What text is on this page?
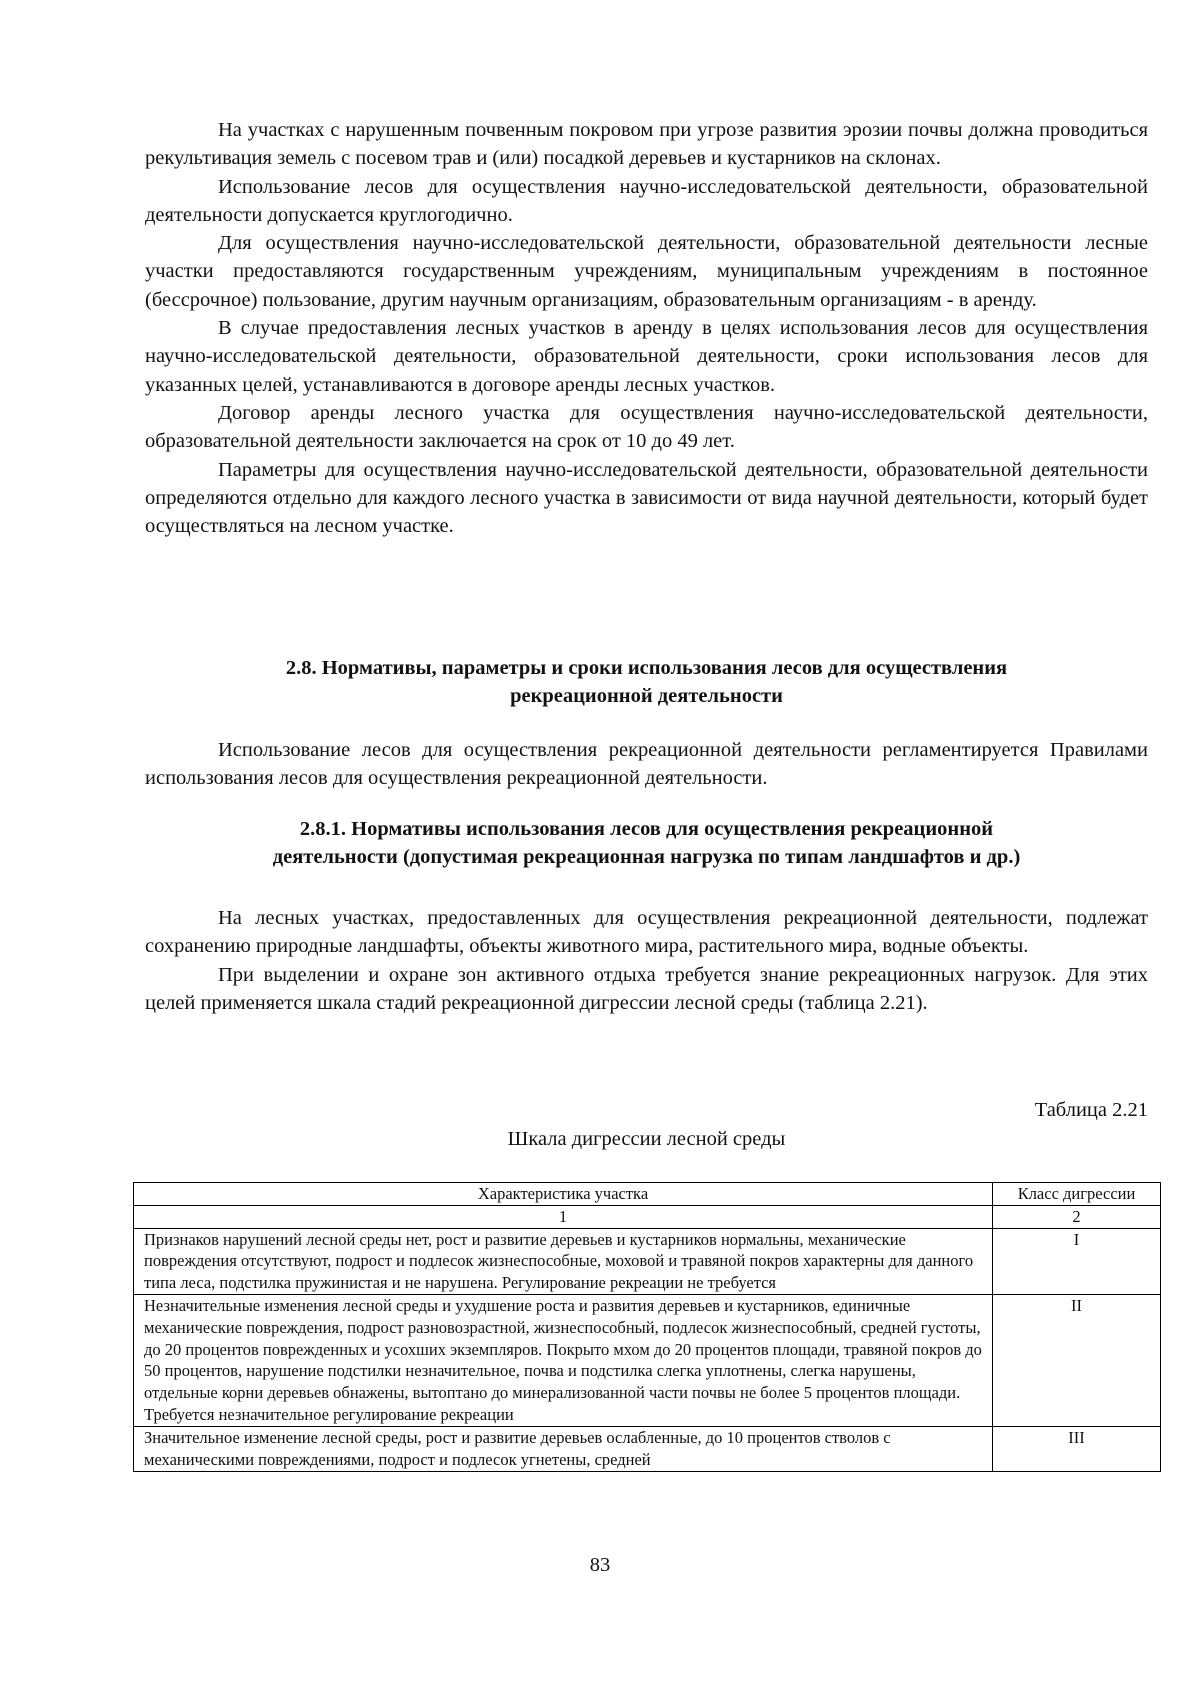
На участках с нарушенным почвенным покровом при угрозе развития эрозии почвы должна проводиться рекультивация земель с посевом трав и (или) посадкой деревьев и кустарников на склонах.

Использование лесов для осуществления научно-исследовательской деятельности, образовательной деятельности допускается круглогодично.

Для осуществления научно-исследовательской деятельности, образовательной деятельности лесные участки предоставляются государственным учреждениям, муниципальным учреждениям в постоянное (бессрочное) пользование, другим научным организациям, образовательным организациям - в аренду.

В случае предоставления лесных участков в аренду в целях использования лесов для осуществления научно-исследовательской деятельности, образовательной деятельности, сроки использования лесов для указанных целей, устанавливаются в договоре аренды лесных участков.

Договор аренды лесного участка для осуществления научно-исследовательской деятельности, образовательной деятельности заключается на срок от 10 до 49 лет.

Параметры для осуществления научно-исследовательской деятельности, образовательной деятельности определяются отдельно для каждого лесного участка в зависимости от вида научной деятельности, который будет осуществляться на лесном участке.

2.8. Нормативы, параметры и сроки использования лесов для осуществления
рекреационной деятельности

Использование лесов для осуществления рекреационной деятельности регламентируется Правилами использования лесов для осуществления рекреационной деятельности.

2.8.1. Нормативы использования лесов для осуществления рекреационной
деятельности (допустимая рекреационная нагрузка по типам ландшафтов и др.)

На лесных участках, предоставленных для осуществления рекреационной деятельности, подлежат сохранению природные ландшафты, объекты животного мира, растительного мира, водные объекты.

При выделении и охране зон активного отдыха требуется знание рекреационных нагрузок. Для этих целей применяется шкала стадий рекреационной дигрессии лесной среды (таблица 2.21).

Таблица 2.21
Шкала дигрессии лесной среды
Характеристика участка	Класс дигрессии
1	2
Признаков нарушений лесной среды нет, рост и развитие деревьев и кустарников нормальны, механические повреждения отсутствуют, подрост и подлесок жизнеспособные, моховой и травяной покров характерны для данного типа леса, подстилка пружинистая и не нарушена. Регулирование рекреации не требуется	I
Незначительные изменения лесной среды и ухудшение роста и развития деревьев и кустарников, единичные механические повреждения, подрост разновозрастной, жизнеспособный, подлесок жизнеспособный, средней густоты, до 20 процентов поврежденных и усохших экземпляров. Покрыто мхом до 20 процентов площади, травяной покров до 50 процентов, нарушение подстилки незначительное, почва и подстилка слегка уплотнены, слегка нарушены, отдельные корни деревьев обнажены, вытоптано до минерализованной части почвы не более 5 процентов площади. Требуется незначительное регулирование рекреации	II

Значительное изменение лесной среды, рост и развитие деревьев ослабленные, до 10 процентов стволов с механическими повреждениями, подрост и подлесок угнетены, средней	III
83
